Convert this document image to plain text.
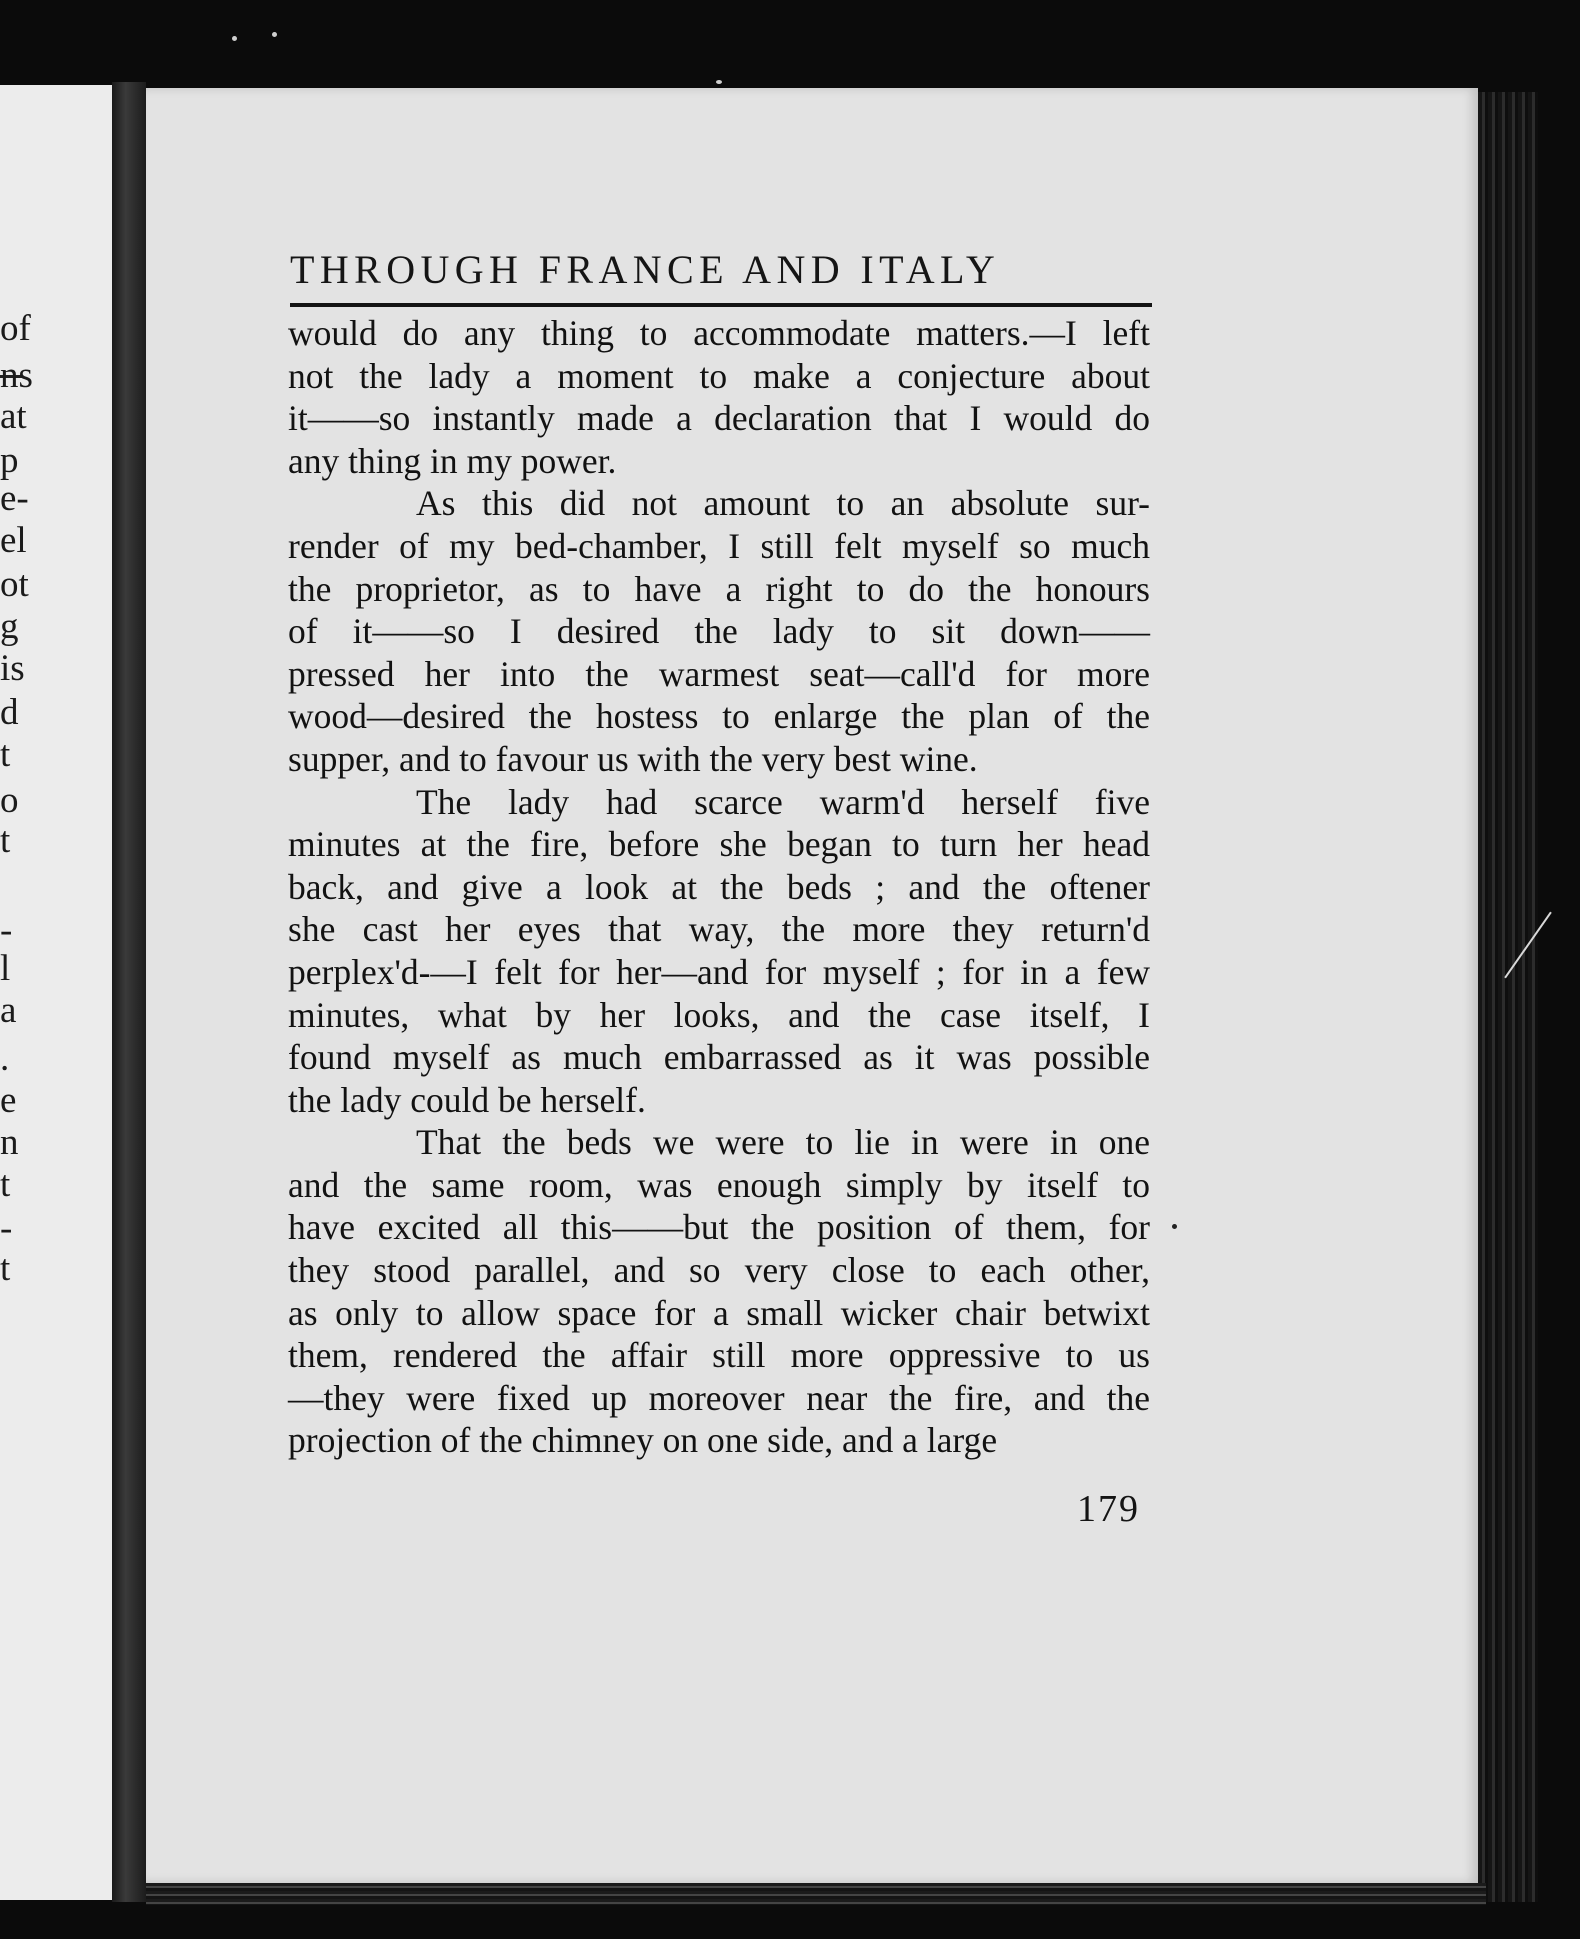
of
ns
at
p
e-
el
ot
g
is
d
t
o
t
-
l
a
.
e
n
t
-
t
THROUGH FRANCE AND ITALY
would do any thing to accommodate matters.—I left
not the lady a moment to make a conjecture about
it——so instantly made a declaration that I would do
any thing in my power.
As this did not amount to an absolute sur-
render of my bed-chamber, I still felt myself so much
the proprietor, as to have a right to do the honours
of it——so I desired the lady to sit down——
pressed her into the warmest seat—call'd for more
wood—desired the hostess to enlarge the plan of the
supper, and to favour us with the very best wine.
The lady had scarce warm'd herself five
minutes at the fire, before she began to turn her head
back, and give a look at the beds ; and the oftener
she cast her eyes that way, the more they return'd
perplex'd-—I felt for her—and for myself ; for in a few
minutes, what by her looks, and the case itself, I
found myself as much embarrassed as it was possible
the lady could be herself.
That the beds we were to lie in were in one
and the same room, was enough simply by itself to
have excited all this——but the position of them, for
they stood parallel, and so very close to each other,
as only to allow space for a small wicker chair betwixt
them, rendered the affair still more oppressive to us
—they were fixed up moreover near the fire, and the
projection of the chimney on one side, and a large
179
